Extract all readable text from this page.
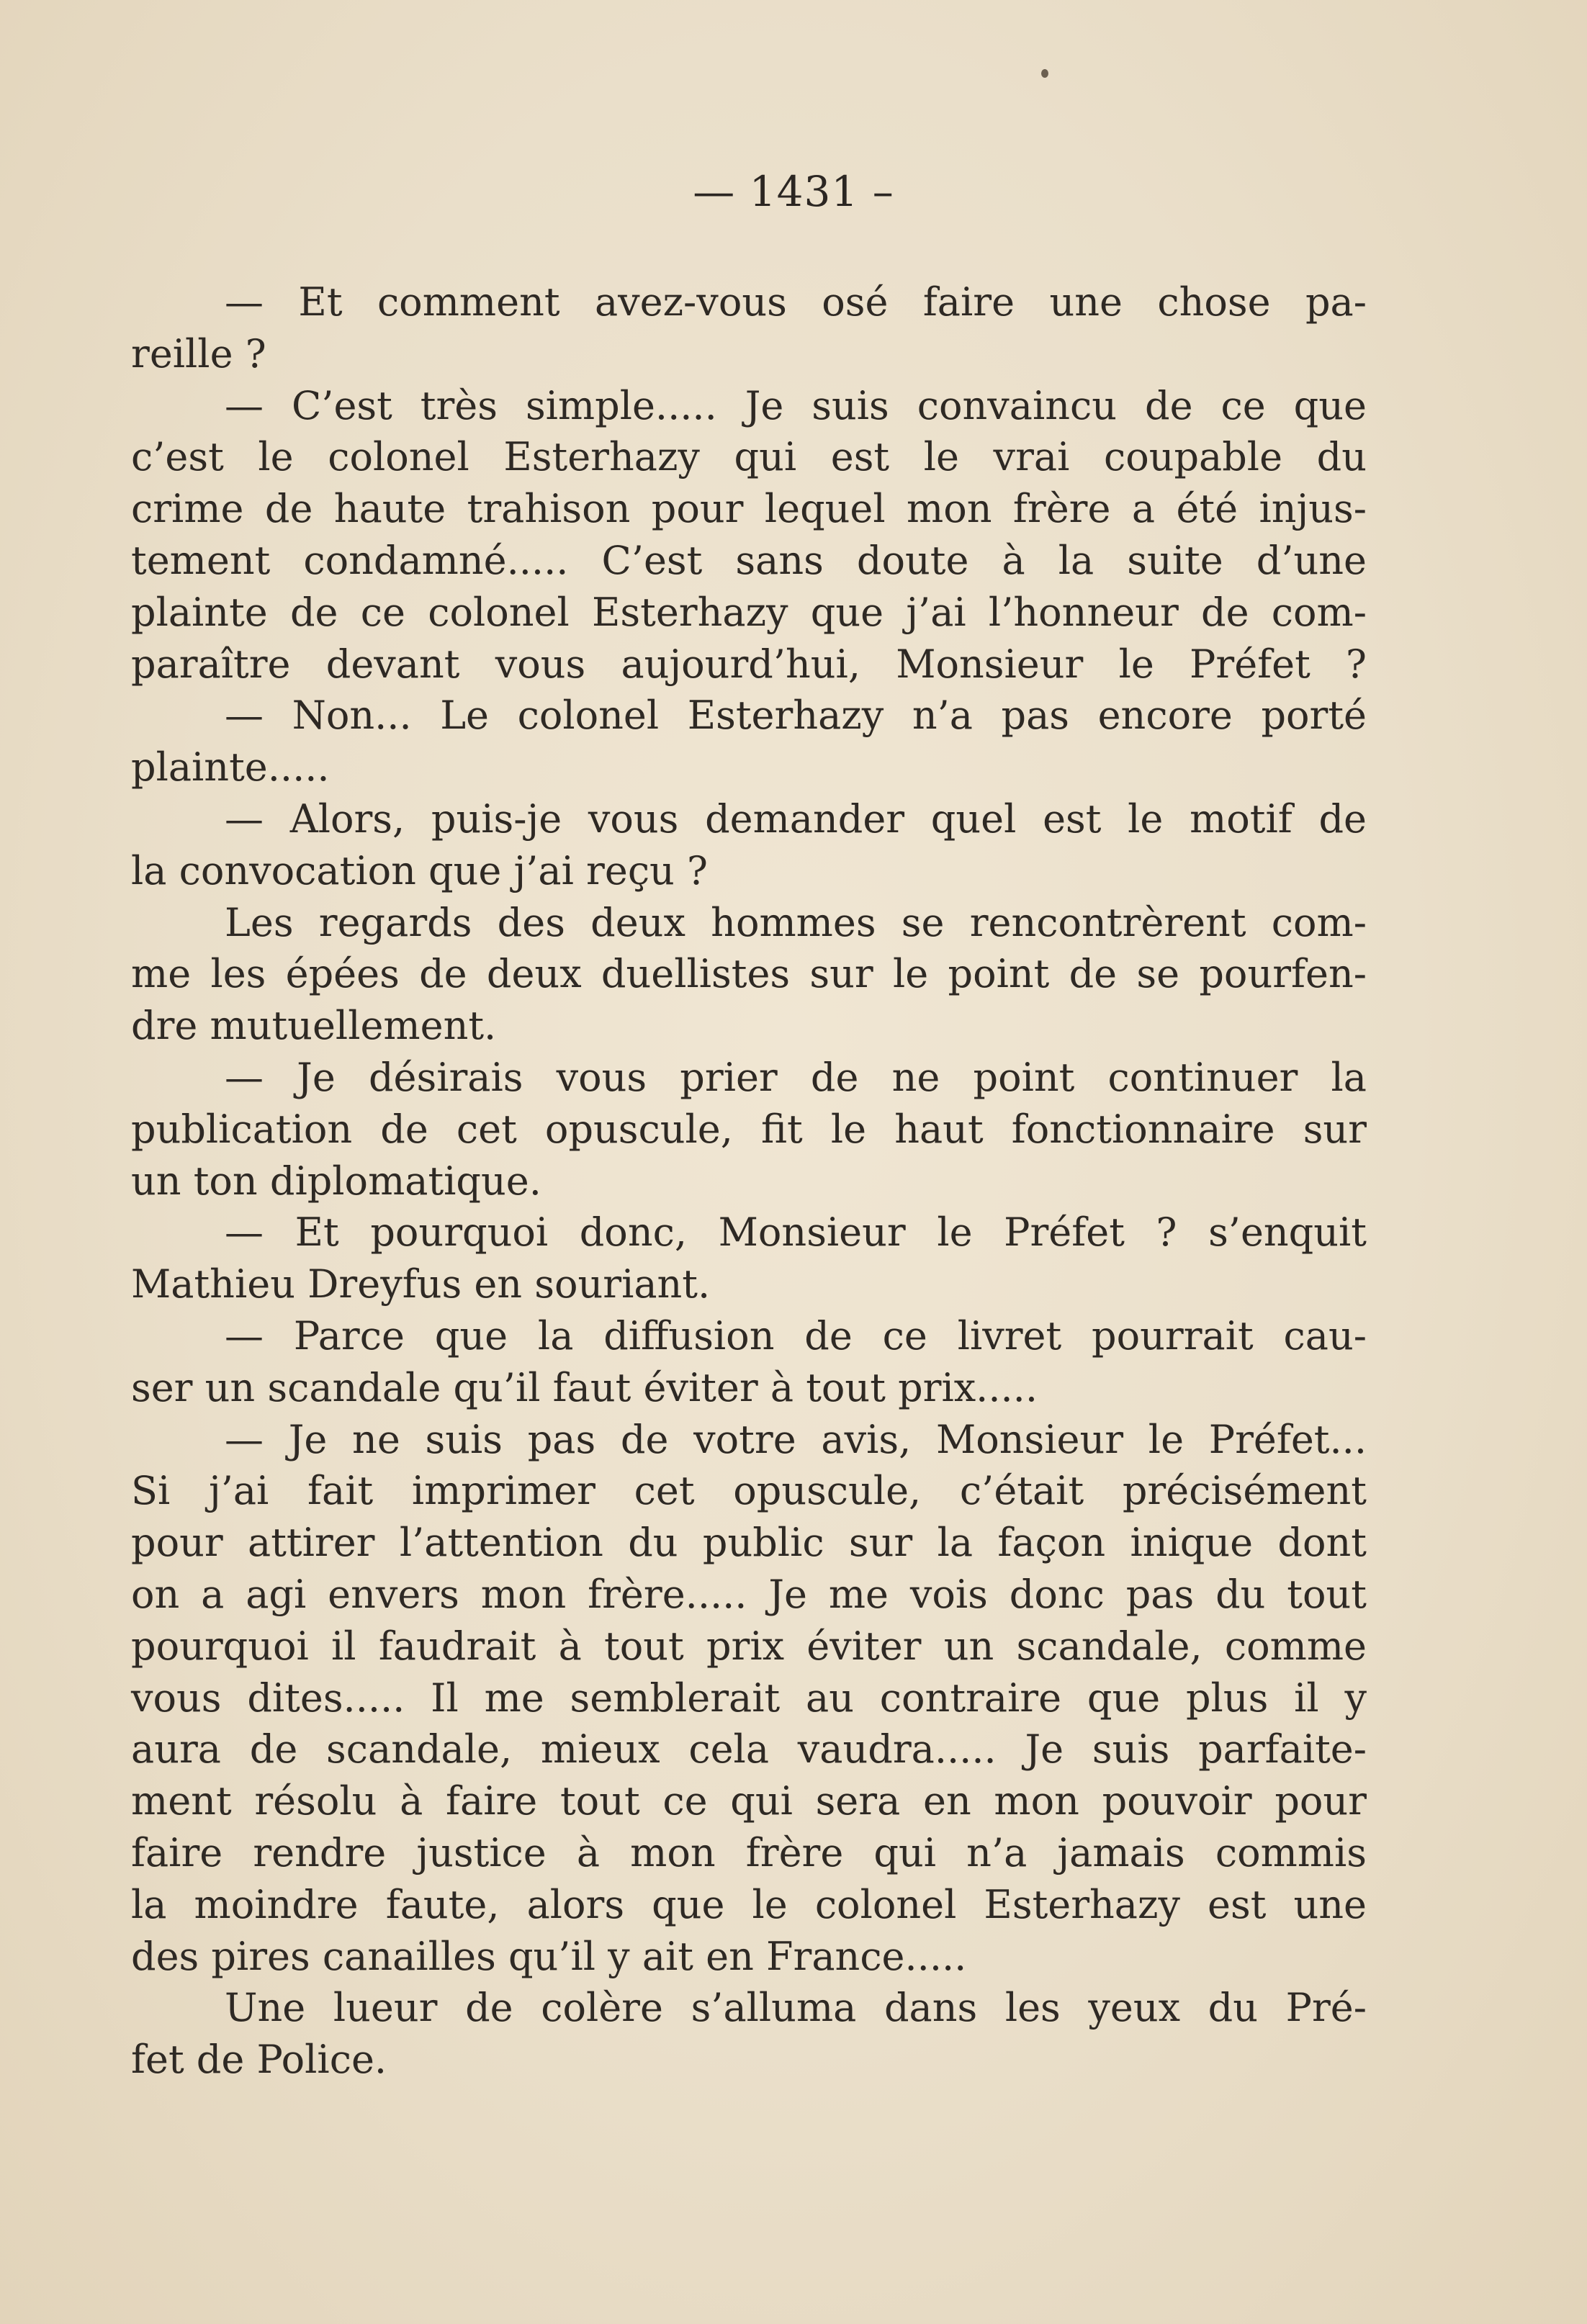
— 1431 –
— Et comment avez-vous osé faire une chose pa-
reille ?
— C’est très simple..... Je suis convaincu de ce que
c’est le colonel Esterhazy qui est le vrai coupable du
crime de haute trahison pour lequel mon frère a été injus-
tement condamné..... C’est sans doute à la suite d’une
plainte de ce colonel Esterhazy que j’ai l’honneur de com-
paraître devant vous aujourd’hui, Monsieur le Préfet ?
— Non... Le colonel Esterhazy n’a pas encore porté
plainte.....
— Alors, puis-je vous demander quel est le motif de
la convocation que j’ai reçu ?
Les regards des deux hommes se rencontrèrent com-
me les épées de deux duellistes sur le point de se pourfen-
dre mutuellement.
— Je désirais vous prier de ne point continuer la
publication de cet opuscule, fit le haut fonctionnaire sur
un ton diplomatique.
— Et pourquoi donc, Monsieur le Préfet ? s’enquit
Mathieu Dreyfus en souriant.
— Parce que la diffusion de ce livret pourrait cau-
ser un scandale qu’il faut éviter à tout prix.....
— Je ne suis pas de votre avis, Monsieur le Préfet...
Si j’ai fait imprimer cet opuscule, c’était précisément
pour attirer l’attention du public sur la façon inique dont
on a agi envers mon frère..... Je me vois donc pas du tout
pourquoi il faudrait à tout prix éviter un scandale, comme
vous dites..... Il me semblerait au contraire que plus il y
aura de scandale, mieux cela vaudra..... Je suis parfaite-
ment résolu à faire tout ce qui sera en mon pouvoir pour
faire rendre justice à mon frère qui n’a jamais commis
la moindre faute, alors que le colonel Esterhazy est une
des pires canailles qu’il y ait en France.....
Une lueur de colère s’alluma dans les yeux du Pré-
fet de Police.
